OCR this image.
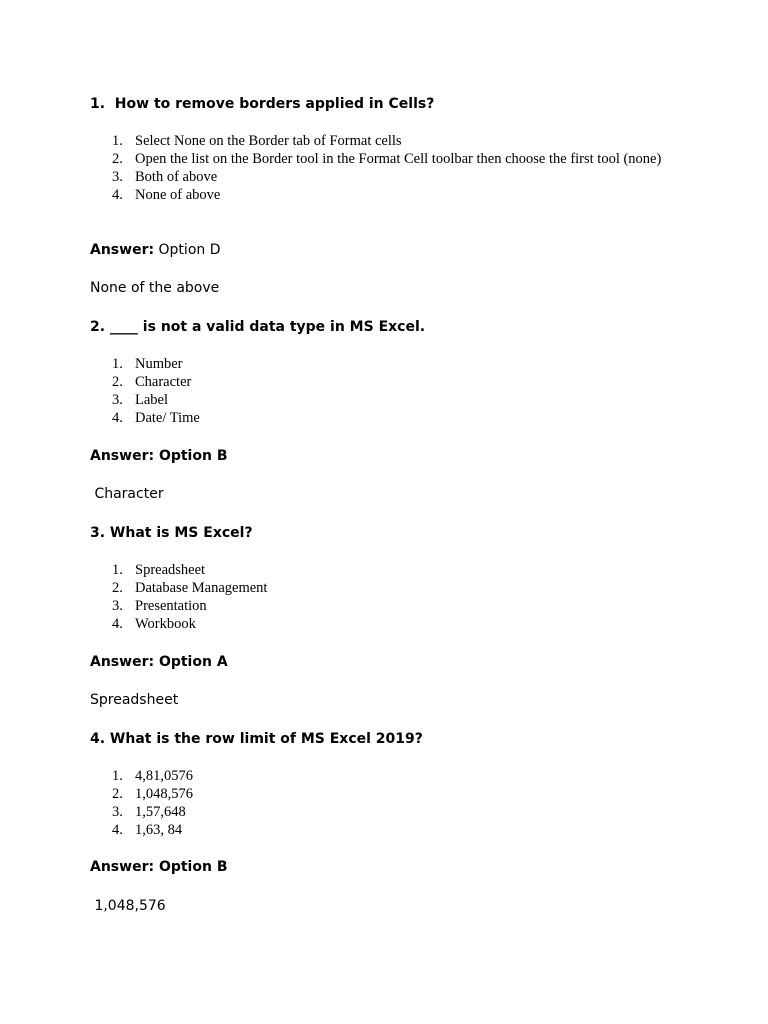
1.  How to remove borders applied in Cells?
1. Select None on the Border tab of Format cells
2. Open the list on the Border tool in the Format Cell toolbar then choose the first tool (none)
3. Both of above
4. None of above
Answer: Option D
None of the above
2. ____ is not a valid data type in MS Excel.
1. Number
2. Character
3. Label
4. Date/ Time
Answer: Option B
Character
3. What is MS Excel?
1. Spreadsheet
2. Database Management
3. Presentation
4. Workbook
Answer: Option A
Spreadsheet
4. What is the row limit of MS Excel 2019?
1. 4,81,0576
2. 1,048,576
3. 1,57,648
4. 1,63, 84
Answer: Option B
1,048,576
